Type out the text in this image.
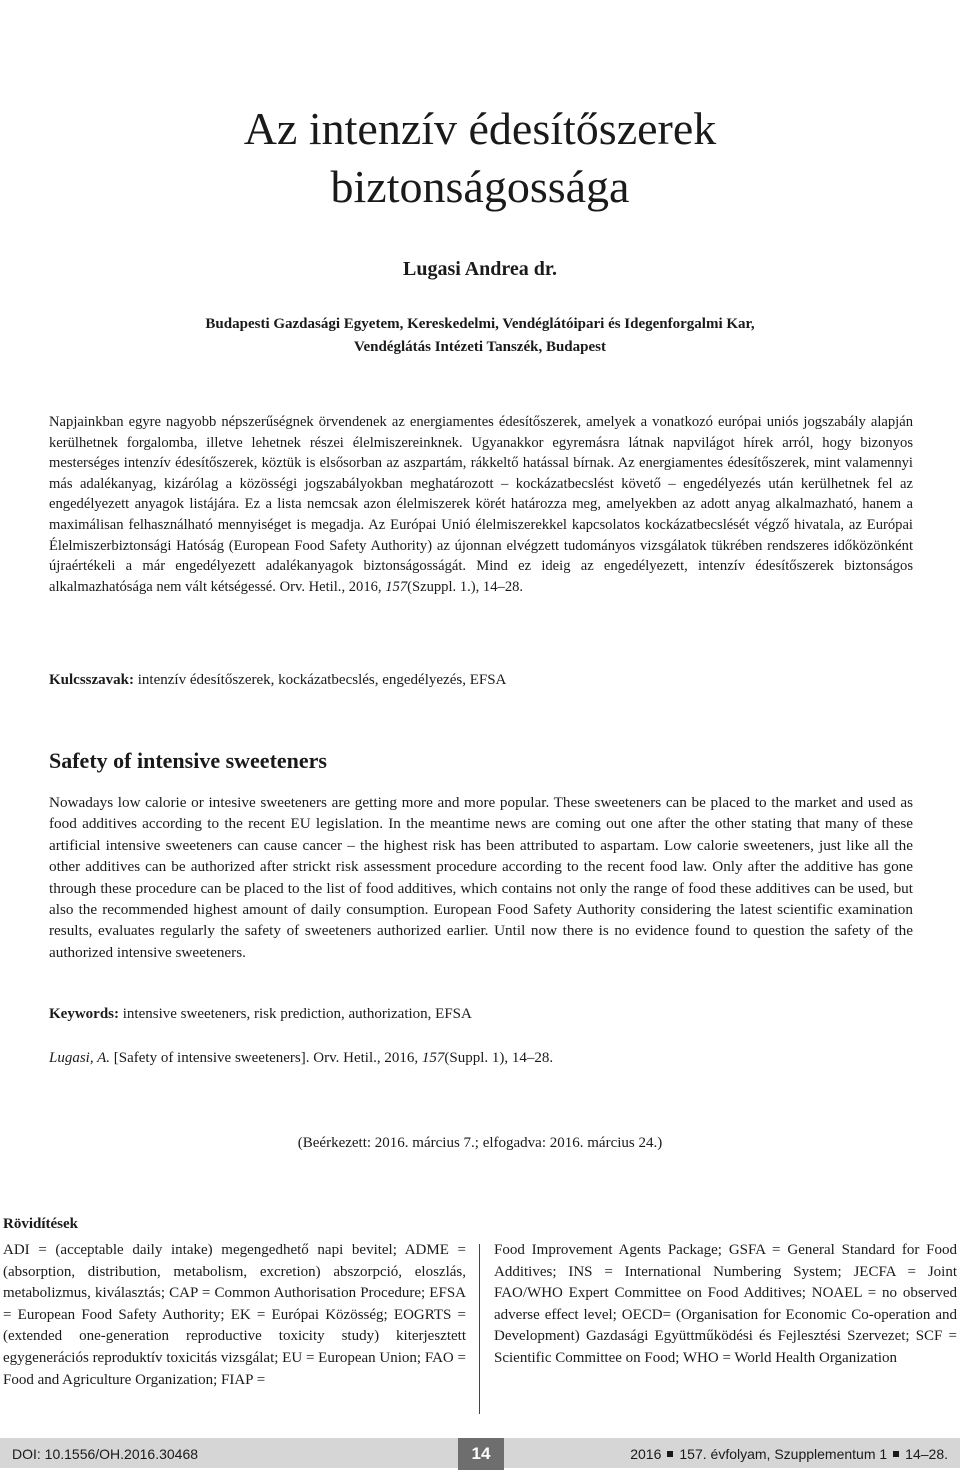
Az intenzív édesítőszerek
biztonságossága
Lugasi Andrea dr.
Budapesti Gazdasági Egyetem, Kereskedelmi, Vendéglátóipari és Idegenforgalmi Kar,
Vendéglátás Intézeti Tanszék, Budapest

Napjainkban egyre nagyobb népszerűségnek örvendenek az energiamentes édesítőszerek, amelyek a vonatkozó európai uniós jogszabály alapján kerülhetnek forgalomba, illetve lehetnek részei élelmiszereinknek. Ugyanakkor egyremásra látnak napvilágot hírek arról, hogy bizonyos mesterséges intenzív édesítőszerek, köztük is elsősorban az aszpartám, rákkeltő hatással bírnak. Az energiamentes édesítőszerek, mint valamennyi más adalékanyag, kizárólag a közösségi jogszabályokban meghatározott – kockázatbecslést követő – engedélyezés után kerülhetnek fel az engedélyezett anyagok listájára. Ez a lista nemcsak azon élelmiszerek körét határozza meg, amelyekben az adott anyag alkalmazható, hanem a maximálisan felhasználható mennyiséget is megadja. Az Európai Unió élelmiszerekkel kapcsolatos kockázatbecslését végző hivatala, az Európai Élelmiszerbiztonsági Hatóság (European Food Safety Authority) az újonnan elvégzett tudományos vizsgálatok tükrében rendszeres időközönként újraértékeli a már engedélyezett adalékanyagok biztonságosságát. Mind ez ideig az engedélyezett, intenzív édesítőszerek biztonságos alkalmazhatósága nem vált kétségessé. Orv. Hetil., 2016, 157(Szuppl. 1.), 14–28.

Kulcsszavak: intenzív édesítőszerek, kockázatbecslés, engedélyezés, EFSA

Safety of intensive sweeteners

Nowadays low calorie or intesive sweeteners are getting more and more popular. These sweeteners can be placed to the market and used as food additives according to the recent EU legislation. In the meantime news are coming out one after the other stating that many of these artificial intensive sweeteners can cause cancer – the highest risk has been attributed to aspartam. Low calorie sweeteners, just like all the other additives can be authorized after strickt risk assessment procedure according to the recent food law. Only after the additive has gone through these procedure can be placed to the list of food additives, which contains not only the range of food these additives can be used, but also the recommended highest amount of daily consumption. European Food Safety Authority considering the latest scientific examination results, evaluates regularly the safety of sweeteners authorized earlier. Until now there is no evidence found to question the safety of the authorized intensive sweeteners.

Keywords: intensive sweeteners, risk prediction, authorization, EFSA

Lugasi, A. [Safety of intensive sweeteners]. Orv. Hetil., 2016, 157(Suppl. 1), 14–28.

(Beérkezett: 2016. március 7.; elfogadva: 2016. március 24.)

Rövidítések

ADI = (acceptable daily intake) megengedhető napi bevitel; ADME = (absorption, distribution, metabolism, excretion) abszorpció, eloszlás, metabolizmus, kiválasztás; CAP = Common Authorisation Procedure; EFSA = European Food Safety Authority; EK = Európai Közösség; EOGRTS = (extended one-generation reproductive toxicity study) kiterjesztett egygenerációs reproduktív toxicitás vizsgálat; EU = European Union; FAO = Food and Agriculture Organization; FIAP =

Food Improvement Agents Package; GSFA = General Standard for Food Additives; INS = International Numbering System; JECFA = Joint FAO/WHO Expert Committee on Food Additives; NOAEL = no observed adverse effect level; OECD= (Organisation for Economic Co-operation and Development) Gazdasági Együttműködési és Fejlesztési Szervezet; SCF = Scientific Committee on Food; WHO = World Health Organization

DOI: 10.1556/OH.2016.30468	14	2016 157. évfolyam, Szupplementum 1 14–28.
